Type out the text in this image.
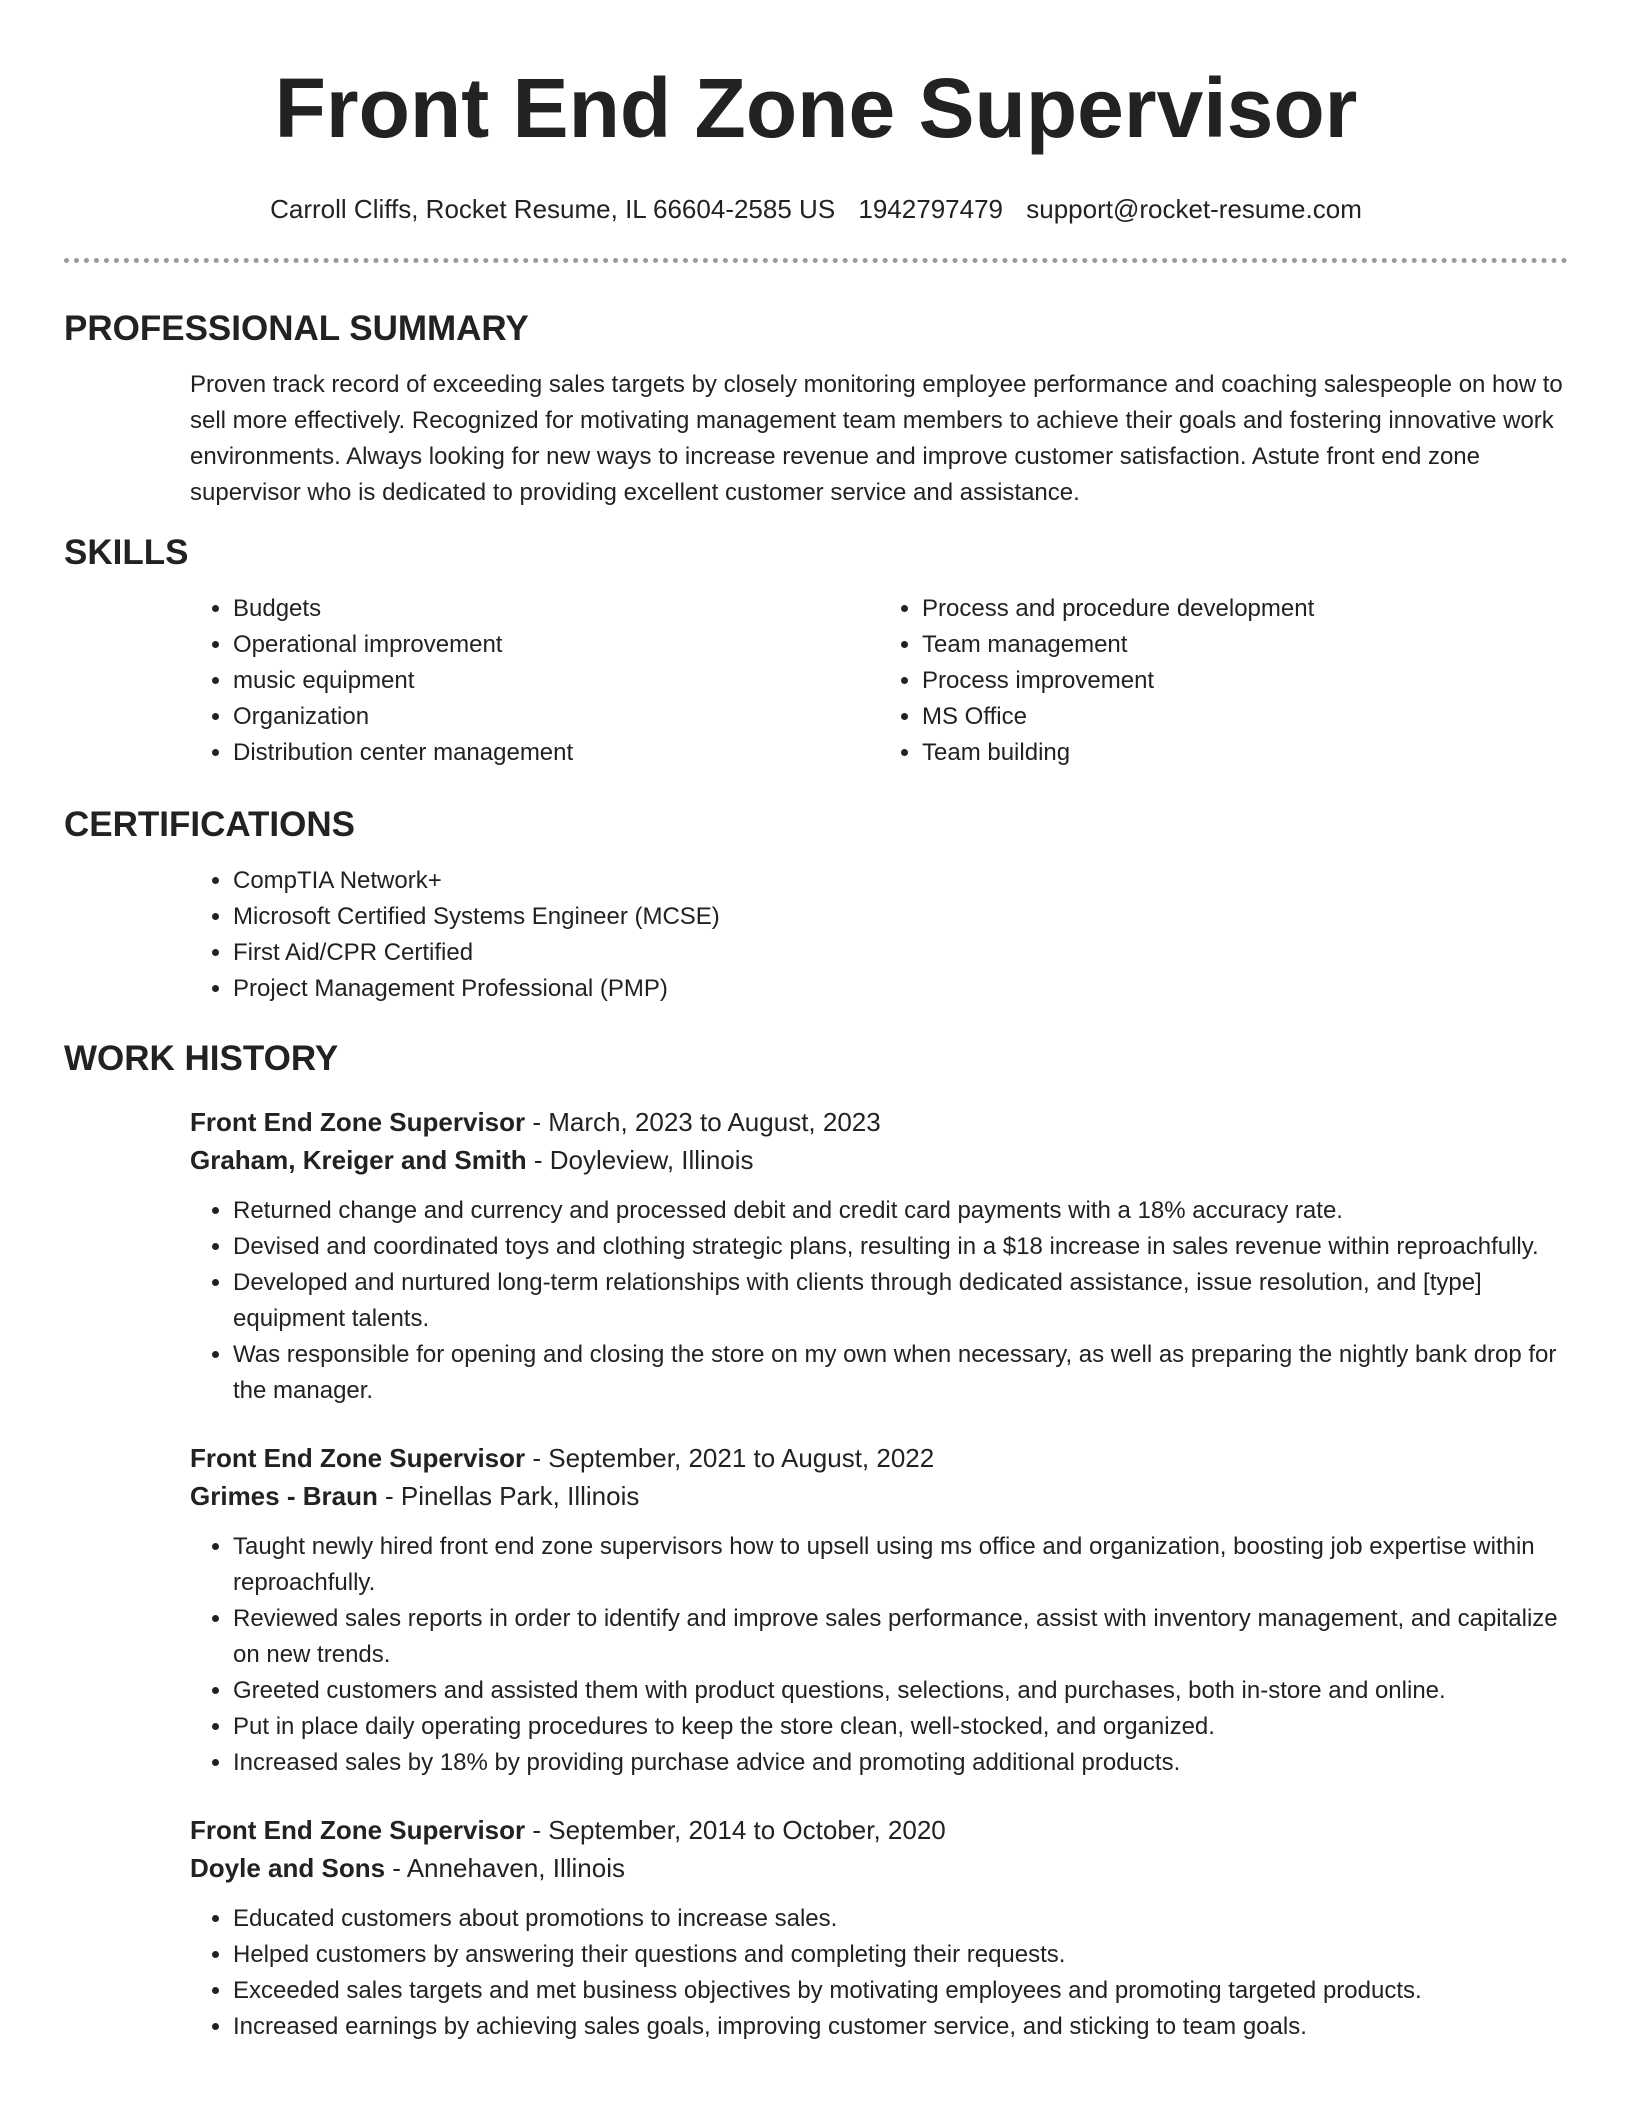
Front End Zone Supervisor
Carroll Cliffs, Rocket Resume, IL 66604-2585 US 1942797479 support@rocket-resume.com
PROFESSIONAL SUMMARY

Proven track record of exceeding sales targets by closely monitoring employee performance and coaching salespeople on how to sell more effectively. Recognized for motivating management team members to achieve their goals and fostering innovative work environments. Always looking for new ways to increase revenue and improve customer satisfaction. Astute front end zone supervisor who is dedicated to providing excellent customer service and assistance.

SKILLS
• Budgets
• Operational improvement
• music equipment
• Organization
• Distribution center management
• Process and procedure development
• Team management
• Process improvement
• MS Office
• Team building
CERTIFICATIONS
• CompTIA Network+
• Microsoft Certified Systems Engineer (MCSE)
• First Aid/CPR Certified
• Project Management Professional (PMP)
WORK HISTORY
Front End Zone Supervisor - March, 2023 to August, 2023
Graham, Kreiger and Smith - Doyleview, Illinois
• Returned change and currency and processed debit and credit card payments with a 18% accuracy rate.
• Devised and coordinated toys and clothing strategic plans, resulting in a $18 increase in sales revenue within reproachfully.
• Developed and nurtured long-term relationships with clients through dedicated assistance, issue resolution, and [type] equipment talents.
• Was responsible for opening and closing the store on my own when necessary, as well as preparing the nightly bank drop for the manager.
Front End Zone Supervisor - September, 2021 to August, 2022
Grimes - Braun - Pinellas Park, Illinois
• Taught newly hired front end zone supervisors how to upsell using ms office and organization, boosting job expertise within reproachfully.
• Reviewed sales reports in order to identify and improve sales performance, assist with inventory management, and capitalize on new trends.
• Greeted customers and assisted them with product questions, selections, and purchases, both in-store and online.
• Put in place daily operating procedures to keep the store clean, well-stocked, and organized.
• Increased sales by 18% by providing purchase advice and promoting additional products.
Front End Zone Supervisor - September, 2014 to October, 2020
Doyle and Sons - Annehaven, Illinois
• Educated customers about promotions to increase sales.
• Helped customers by answering their questions and completing their requests.
• Exceeded sales targets and met business objectives by motivating employees and promoting targeted products.
• Increased earnings by achieving sales goals, improving customer service, and sticking to team goals.
